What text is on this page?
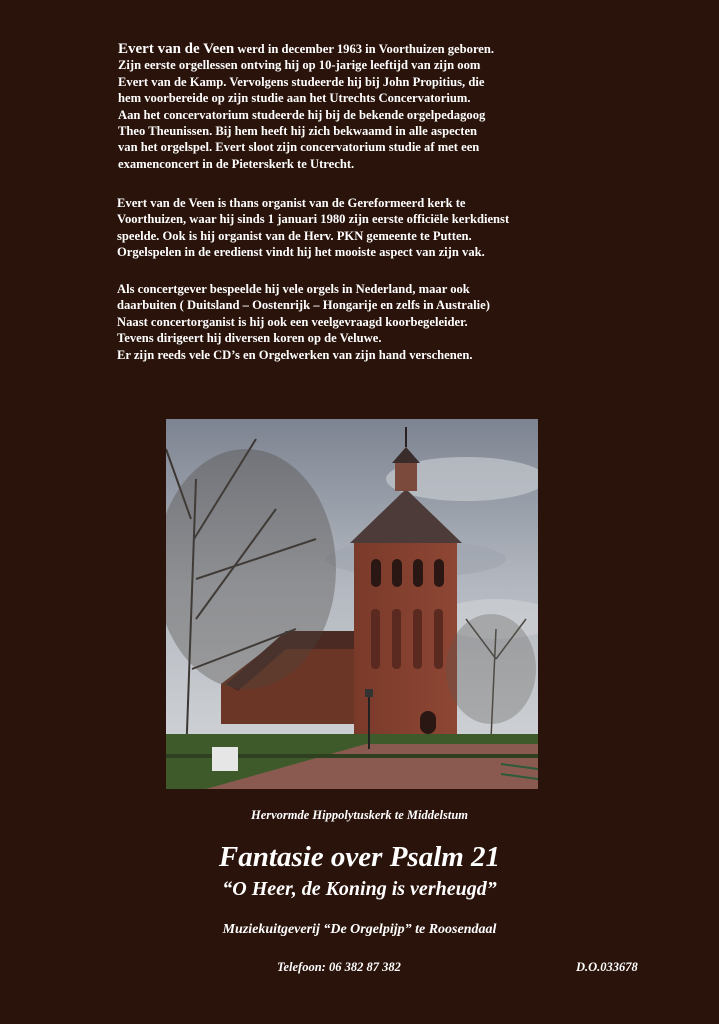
Evert van de Veen werd in december 1963 in Voorthuizen geboren.
Zijn eerste orgellessen ontving hij op 10-jarige leeftijd van zijn oom
Evert van de Kamp. Vervolgens studeerde hij bij John Propitius, die
hem voorbereide op zijn studie aan het Utrechts Concervatorium.
Aan het concervatorium studeerde hij bij de bekende orgelpedagoog
Theo Theunissen. Bij hem heeft hij zich bekwaamd in alle aspecten
van het orgelspel. Evert sloot zijn concervatorium studie af met een
examenconcert in de Pieterskerk te Utrecht.
Evert van de Veen is thans organist van de Gereformeerd kerk te
Voorthuizen, waar hij sinds 1 januari 1980 zijn eerste officiële kerkdienst
speelde. Ook is hij organist van de Herv. PKN gemeente te Putten.
Orgelspelen in de eredienst vindt hij het mooiste aspect van zijn vak.
Als concertgever bespeelde hij vele orgels in Nederland, maar ook
daarbuiten ( Duitsland – Oostenrijk – Hongarije en zelfs in Australie)
Naast concertorganist is hij ook een veelgevraagd koorbegeleider.
Tevens dirigeert hij diversen koren op de Veluwe.
Er zijn reeds vele CD’s en Orgelwerken van zijn hand verschenen.
Hervormde Hippolytuskerk te Middelstum
Fantasie over Psalm 21
“O Heer, de Koning is verheugd”
Muziekuitgeverij “De Orgelpijp” te Roosendaal
Telefoon: 06 382 87 382	D.O.033678
